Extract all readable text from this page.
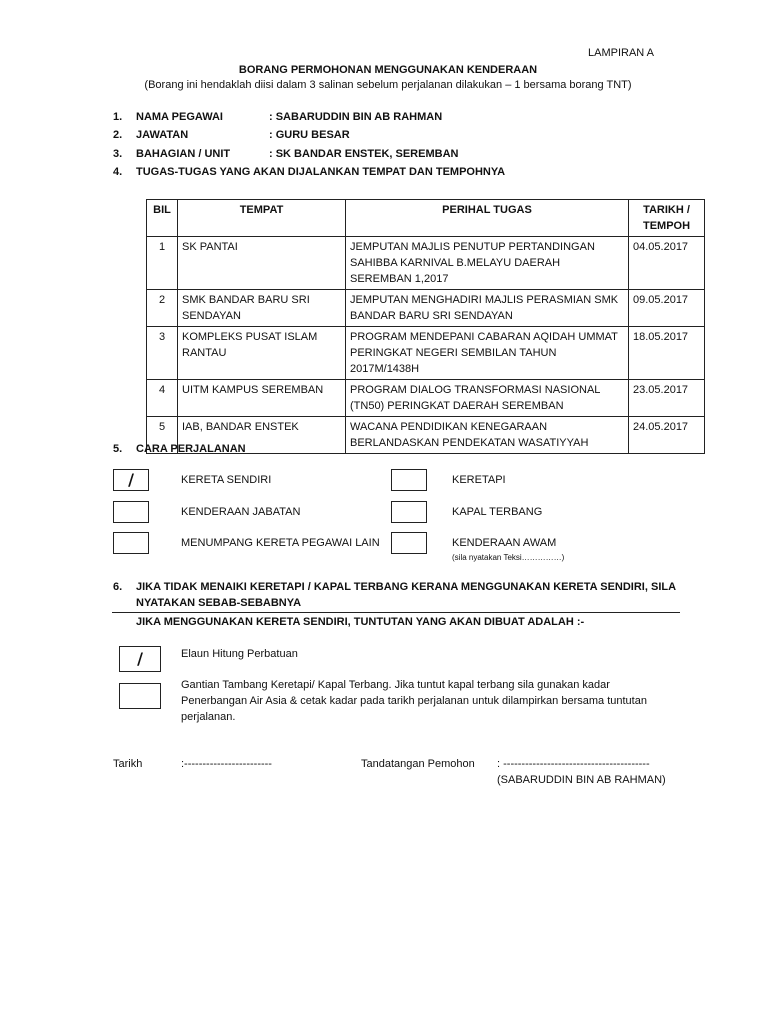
LAMPIRAN A
BORANG PERMOHONAN MENGGUNAKAN KENDERAAN
(Borang ini hendaklah diisi dalam 3 salinan sebelum perjalanan dilakukan – 1 bersama borang TNT)
1. NAMA PEGAWAI	: SABARUDDIN BIN AB RAHMAN
2. JAWATAN	: GURU BESAR
3. BAHAGIAN / UNIT	: SK BANDAR ENSTEK, SEREMBAN
4. TUGAS-TUGAS YANG AKAN DIJALANKAN TEMPAT DAN TEMPOHNYA
BIL	TEMPAT	PERIHAL TUGAS	TARIKH / TEMPOH
1	SK PANTAI	JEMPUTAN MAJLIS PENUTUP PERTANDINGAN SAHIBBA KARNIVAL B.MELAYU DAERAH SEREMBAN 1,2017	04.05.2017
2	SMK BANDAR BARU SRI SENDAYAN	JEMPUTAN MENGHADIRI MAJLIS PERASMIAN SMK BANDAR BARU SRI SENDAYAN	09.05.2017
3	KOMPLEKS PUSAT ISLAM RANTAU	PROGRAM MENDEPANI CABARAN AQIDAH UMMAT PERINGKAT NEGERI SEMBILAN TAHUN 2017M/1438H	18.05.2017
4	UITM KAMPUS SEREMBAN	PROGRAM DIALOG TRANSFORMASI NASIONAL (TN50) PERINGKAT DAERAH SEREMBAN	23.05.2017
5	IAB, BANDAR ENSTEK	WACANA PENDIDIKAN KENEGARAAN BERLANDASKAN PENDEKATAN WASATIYYAH	24.05.2017
5. CARA PERJALANAN
/	KERETA SENDIRI
KENDERAAN JABATAN
MENUMPANG KERETA PEGAWAI LAIN
KERETAPI
KAPAL TERBANG
KENDERAAN AWAM
(sila nyatakan Teksi……………)
6. JIKA TIDAK MENAIKI KERETAPI / KAPAL TERBANG KERANA MENGGUNAKAN KERETA SENDIRI, SILA
NYATAKAN SEBAB-SEBABNYA
JIKA MENGGUNAKAN KERETA SENDIRI, TUNTUTAN YANG AKAN DIBUAT ADALAH :-
/	Elaun Hitung Perbatuan
Gantian Tambang Keretapi/ Kapal Terbang. Jika tuntut kapal terbang sila gunakan kadar
Penerbangan Air Asia & cetak kadar pada tarikh perjalanan untuk dilampirkan bersama tuntutan
perjalanan.
Tarikh	:------------------------	Tandatangan Pemohon : ----------------------------------------
(SABARUDDIN BIN AB RAHMAN)
